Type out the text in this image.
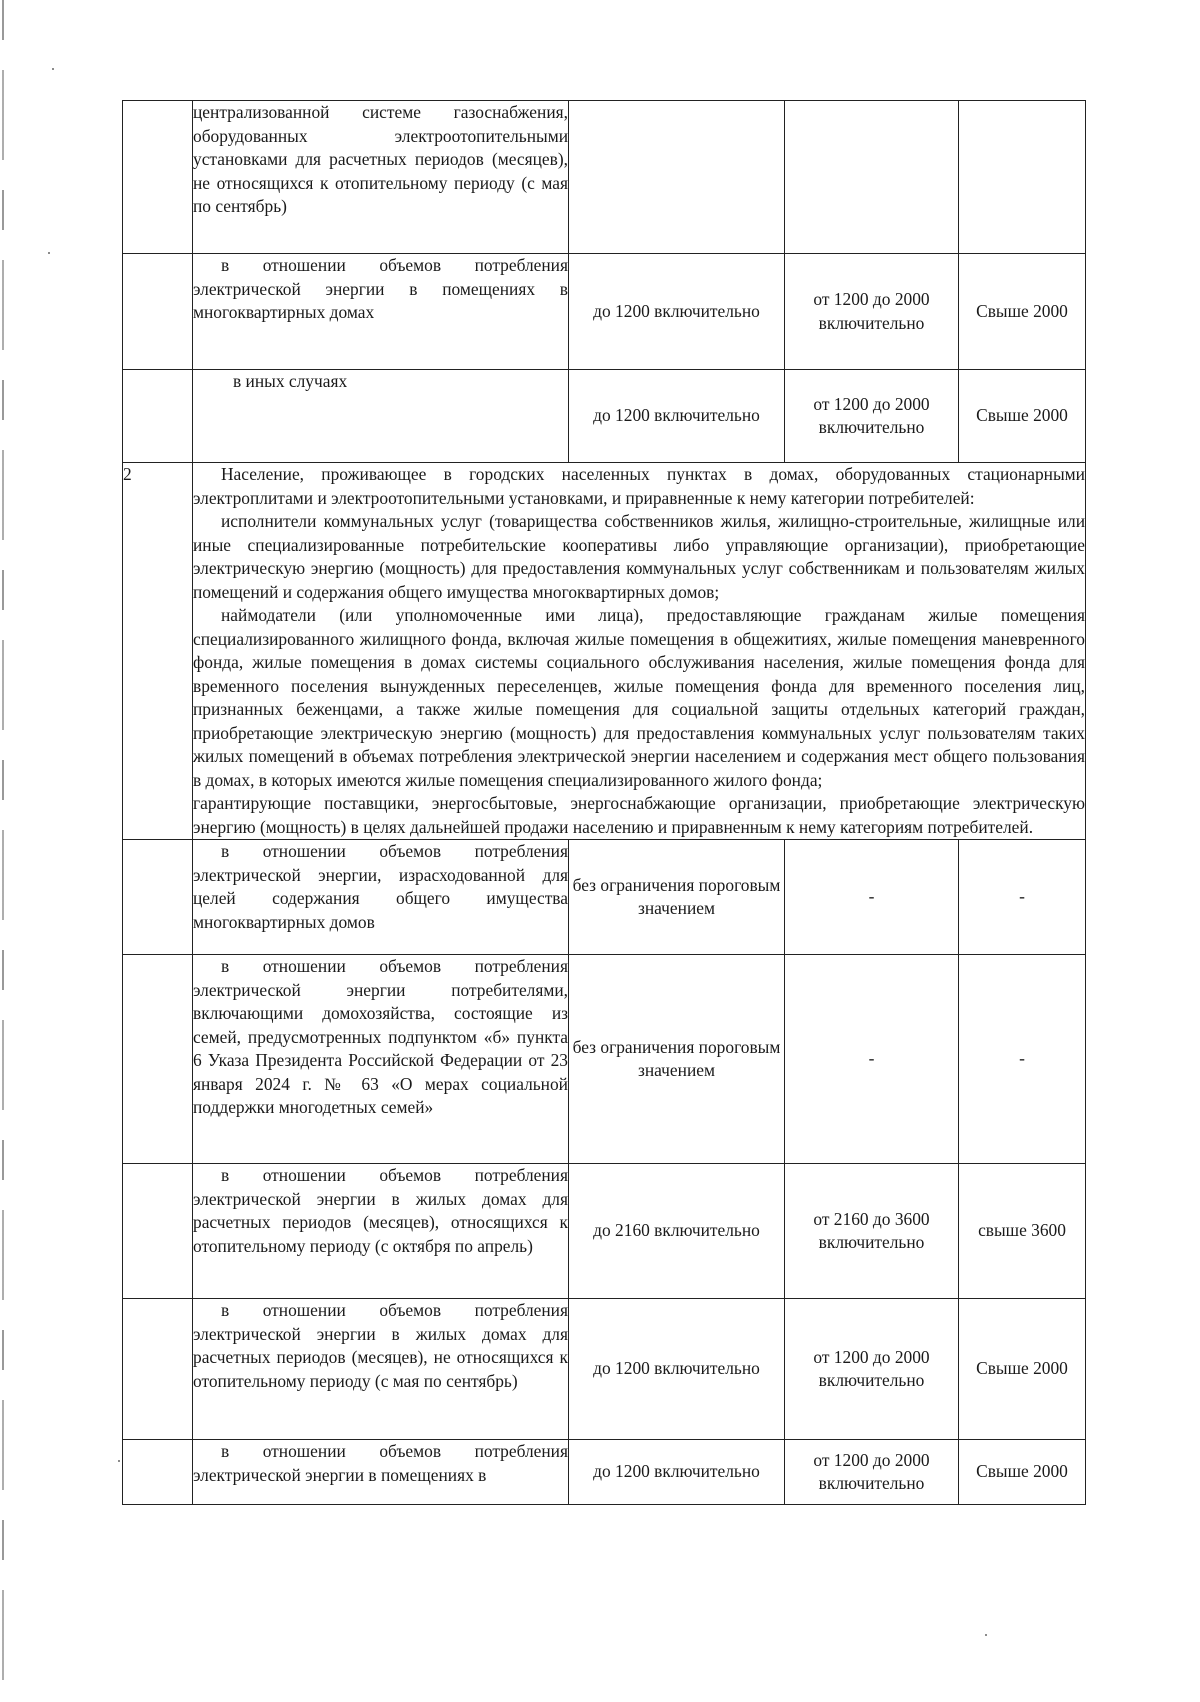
	централизованной системе газоснабжения, оборудованных электроотопительными установками для расчетных периодов (месяцев), не относящихся к отопительному периоду (с мая по сентябрь)			
	в отношении объемов потребления электрической энергии в помещениях в многоквартирных домах	до 1200 включительно	от 1200 до 2000 включительно	Свыше 2000
	в иных случаях	до 1200 включительно	от 1200 до 2000 включительно	Свыше 2000
2	Население, проживающее в городских населенных пунктах в домах, оборудованных стационарными электроплитами и электроотопительными установками, и приравненные к нему категории потребителей:

исполнители коммунальных услуг (товарищества собственников жилья, жилищно-строительные, жилищные или иные специализированные потребительские кооперативы либо управляющие организации), приобретающие электрическую энергию (мощность) для предоставления коммунальных услуг собственникам и пользователям жилых помещений и содержания общего имущества многоквартирных домов;

наймодатели (или уполномоченные ими лица), предоставляющие гражданам жилые помещения специализированного жилищного фонда, включая жилые помещения в общежитиях, жилые помещения маневренного фонда, жилые помещения в домах системы социального обслуживания населения, жилые помещения фонда для временного поселения вынужденных переселенцев, жилые помещения фонда для временного поселения лиц, признанных беженцами, а также жилые помещения для социальной защиты отдельных категорий граждан, приобретающие электрическую энергию (мощность) для предоставления коммунальных услуг пользователям таких жилых помещений в объемах потребления электрической энергии населением и содержания мест общего пользования в домах, в которых имеются жилые помещения специализированного жилого фонда;

гарантирующие поставщики, энергосбытовые, энергоснабжающие организации, приобретающие электрическую энергию (мощность) в целях дальнейшей продажи населению и приравненным к нему категориям потребителей.			

	в отношении объемов потребления электрической энергии, израсходованной для целей содержания общего имущества многоквартирных домов	без ограничения пороговым значением	-	-
	в отношении объемов потребления электрической энергии потребителями, включающими домохозяйства, состоящие из семей, предусмотренных подпунктом «б» пункта 6 Указа Президента Российской Федерации от 23 января 2024 г. № 63 «О мерах социальной поддержки многодетных семей»	без ограничения пороговым значением	-	-
	в отношении объемов потребления электрической энергии в жилых домах для расчетных периодов (месяцев), относящихся к отопительному периоду (с октября по апрель)	до 2160 включительно	от 2160 до 3600 включительно	свыше 3600
	в отношении объемов потребления электрической энергии в жилых домах для расчетных периодов (месяцев), не относящихся к отопительному периоду (с мая по сентябрь)	до 1200 включительно	от 1200 до 2000 включительно	Свыше 2000
	в отношении объемов потребления электрической энергии в помещениях в	до 1200 включительно	от 1200 до 2000 включительно	Свыше 2000
